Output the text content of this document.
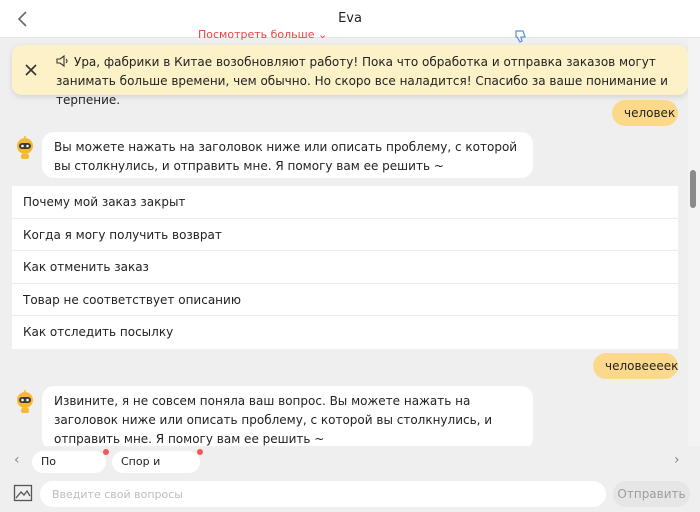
Eva
Посмотреть больше ⌄
Ура, фабрики в Китае возобновляют работу! Пока что обработка и отправка заказов могут занимать больше времени, чем обычно. Но скоро все наладится! Спасибо за ваше понимание и терпение.
человек
Вы можете нажать на заголовок ниже или описать проблему, с которой вы столкнулись, и отправить мне. Я помогу вам ее решить ~
Почему мой заказ закрыт
Когда я могу получить возврат
Как отменить заказ
Товар не соответствует описанию
Как отследить посылку
человеееек
Извините, я не совсем поняла ваш вопрос. Вы можете нажать на заголовок ниже или описать проблему, с которой вы столкнулись, и отправить мне. Я помогу вам ее решить ~
‹	По	Спор и	›
Введите свой вопросы
Отправить
